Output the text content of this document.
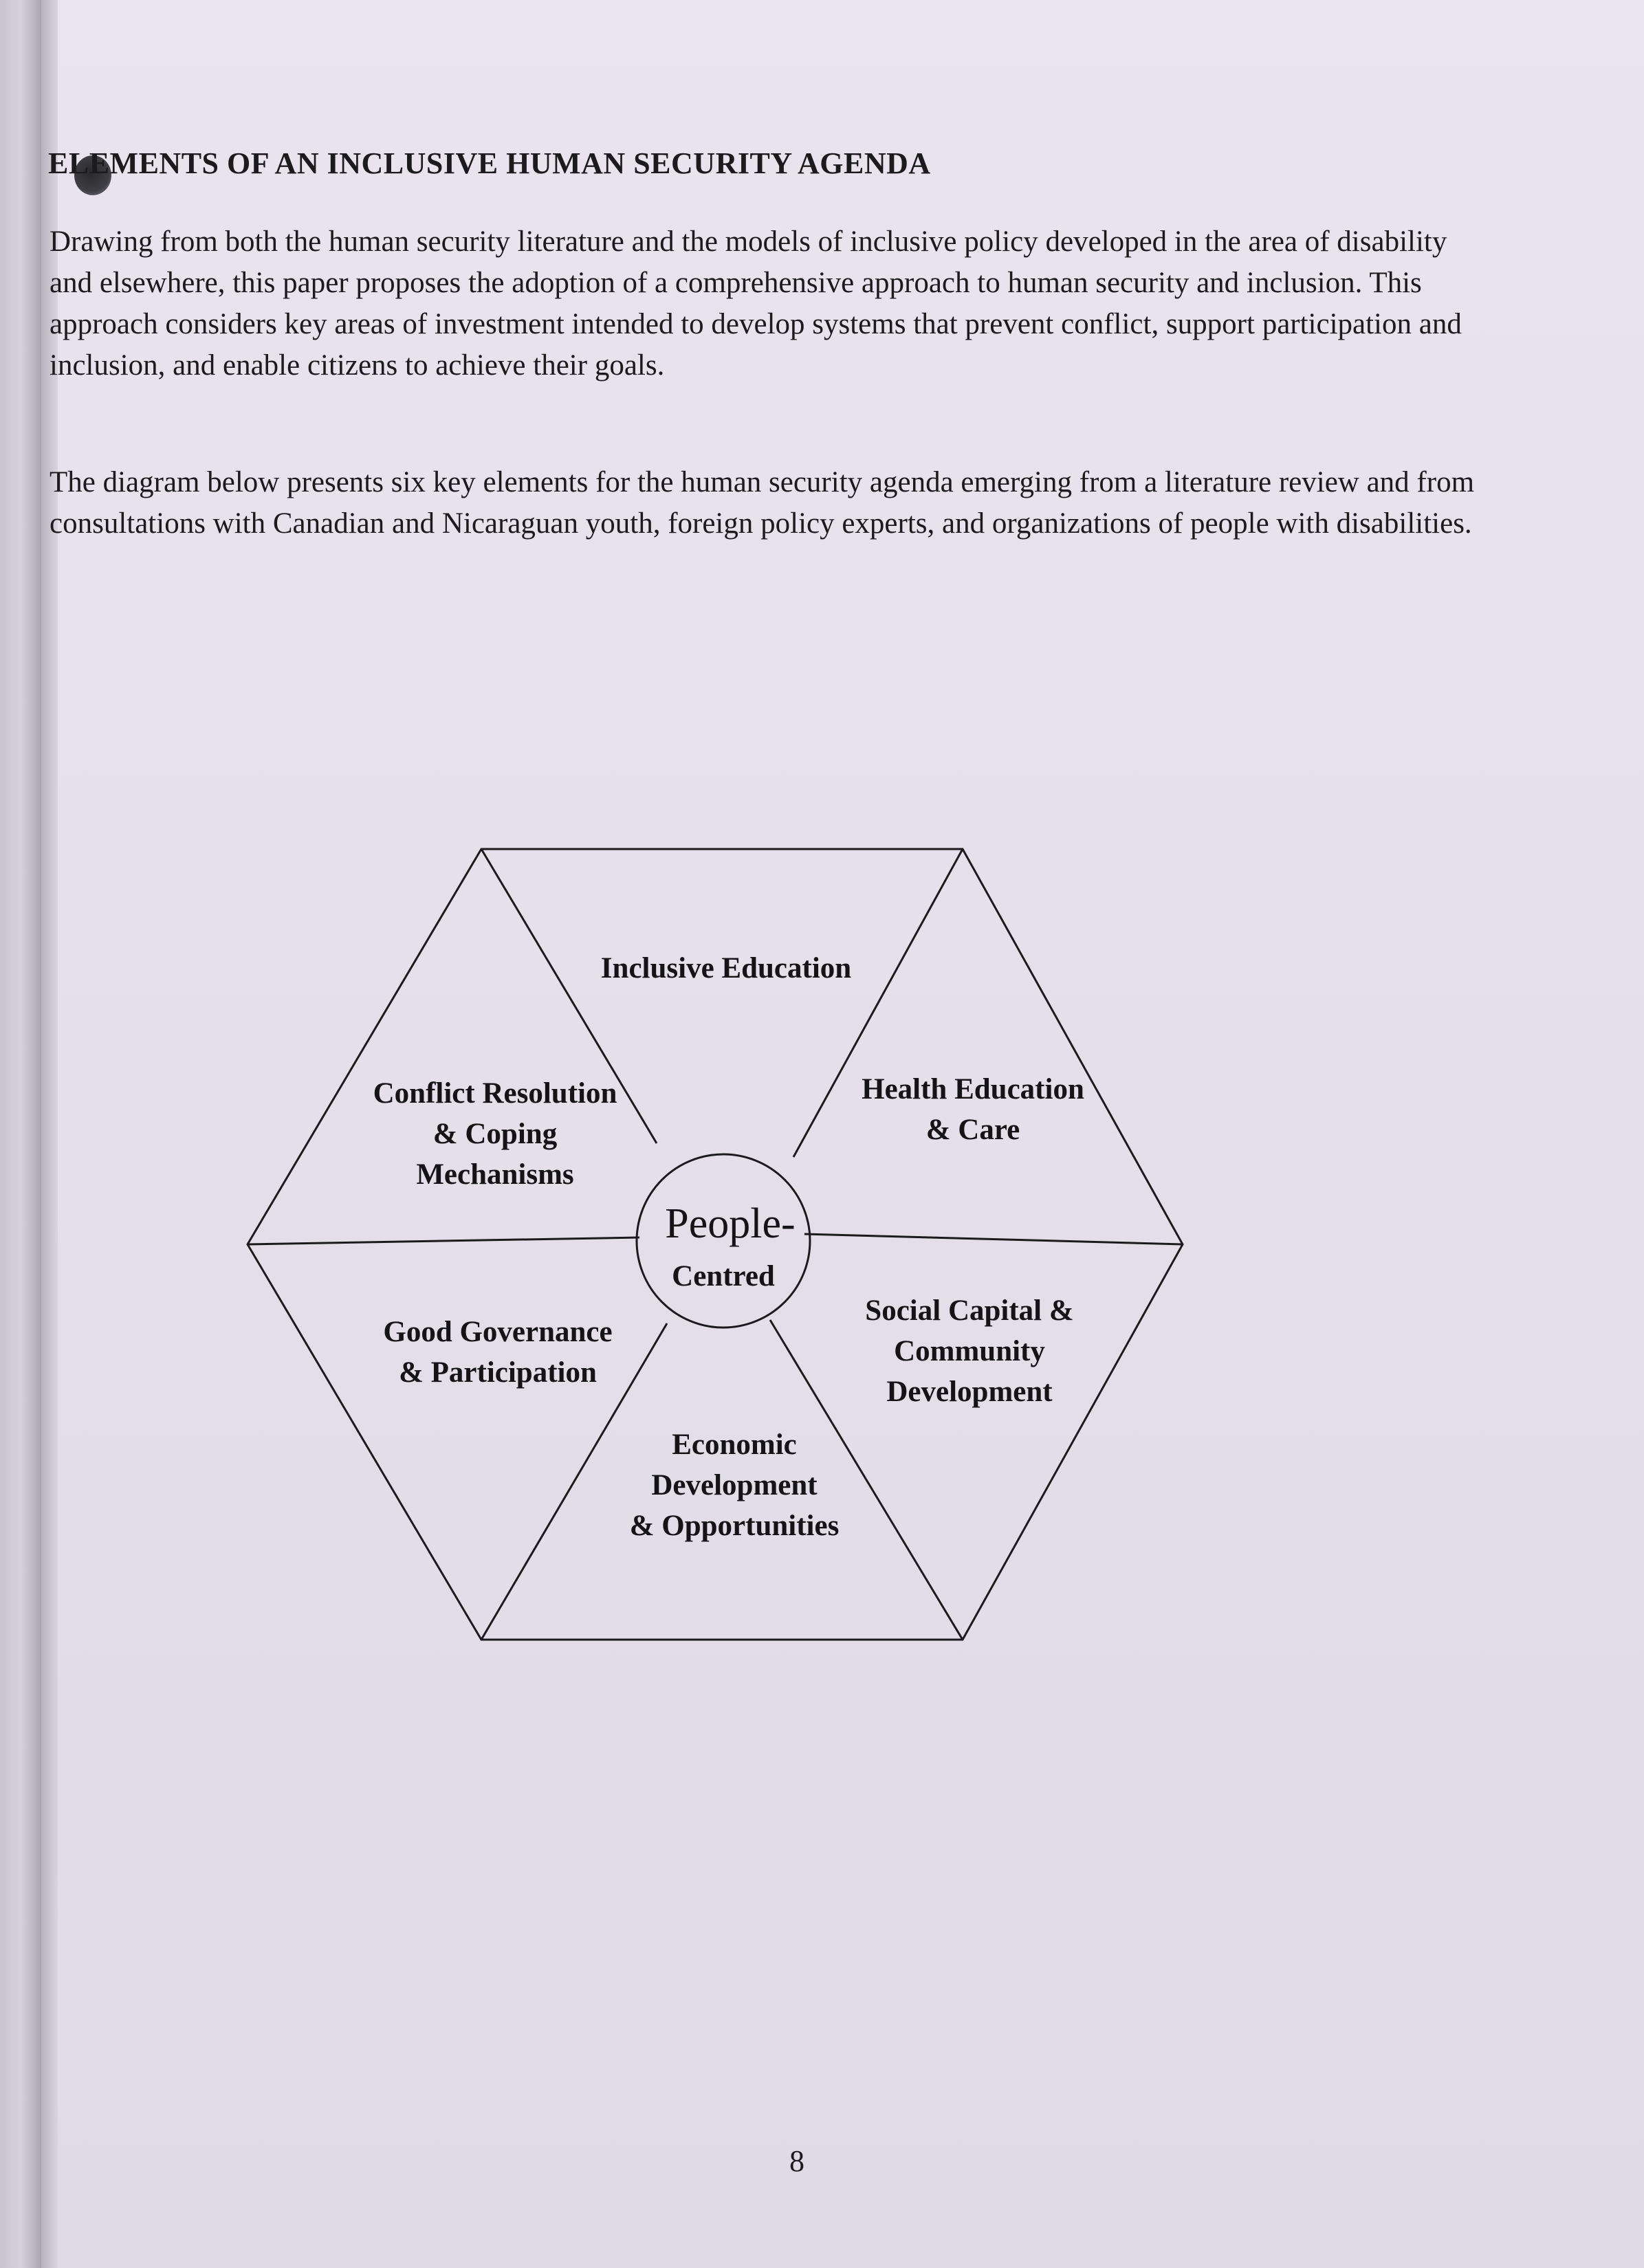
ELEMENTS OF AN INCLUSIVE HUMAN SECURITY AGENDA

Drawing from both the human security literature and the models of inclusive policy developed in the area of disability and elsewhere, this paper proposes the adoption of a comprehensive approach to human security and inclusion. This approach considers key areas of investment intended to develop systems that prevent conflict, support participation and inclusion, and enable citizens to achieve their goals.

The diagram below presents six key elements for the human security agenda emerging from a literature review and from consultations with Canadian and Nicaraguan youth, foreign policy experts, and organizations of people with disabilities.

People-
Centred
Inclusive Education
Health Education
& Care
Social Capital &
Community
Development
Economic
Development
& Opportunities
Good Governance
& Participation
Conflict Resolution
& Coping
Mechanisms
8
